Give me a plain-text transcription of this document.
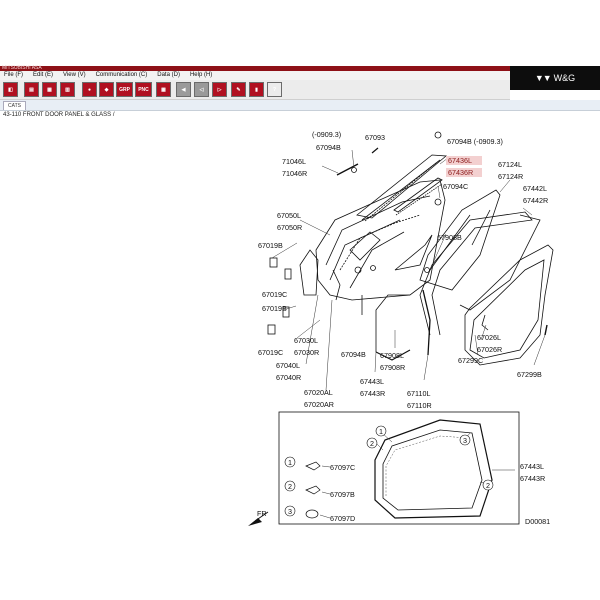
MITSUBISHI ASA
▼▼ W&G
File (F) Edit (E) View (V) Communication (C) Data (D) Help (H)
◧	▤	▦	▥	●	◆ GRP PNC ▦	◀	◁	▷	✎	▮	?
CATS
43-110 FRONT DOOR PANEL & GLASS /
1
2	3
1
2
3
2
(-0909.3)	67093
67094B
67094B (-0909.3)
67436L
67436R
71046L
71046R
67124L
67124R
67094C	67442L
67442R
67050L
67050R
67908B
67019B
67019C
67019B
67026L
67026R
67299C
67019C
67030L
67030R	67094B 67908L
67908R
67299B
67040L
67040R	67443L
67443R
67020AL
67020AR
67110L
67110R
67443L
67443R
67097C
67097B
67097D
FR
D00081
